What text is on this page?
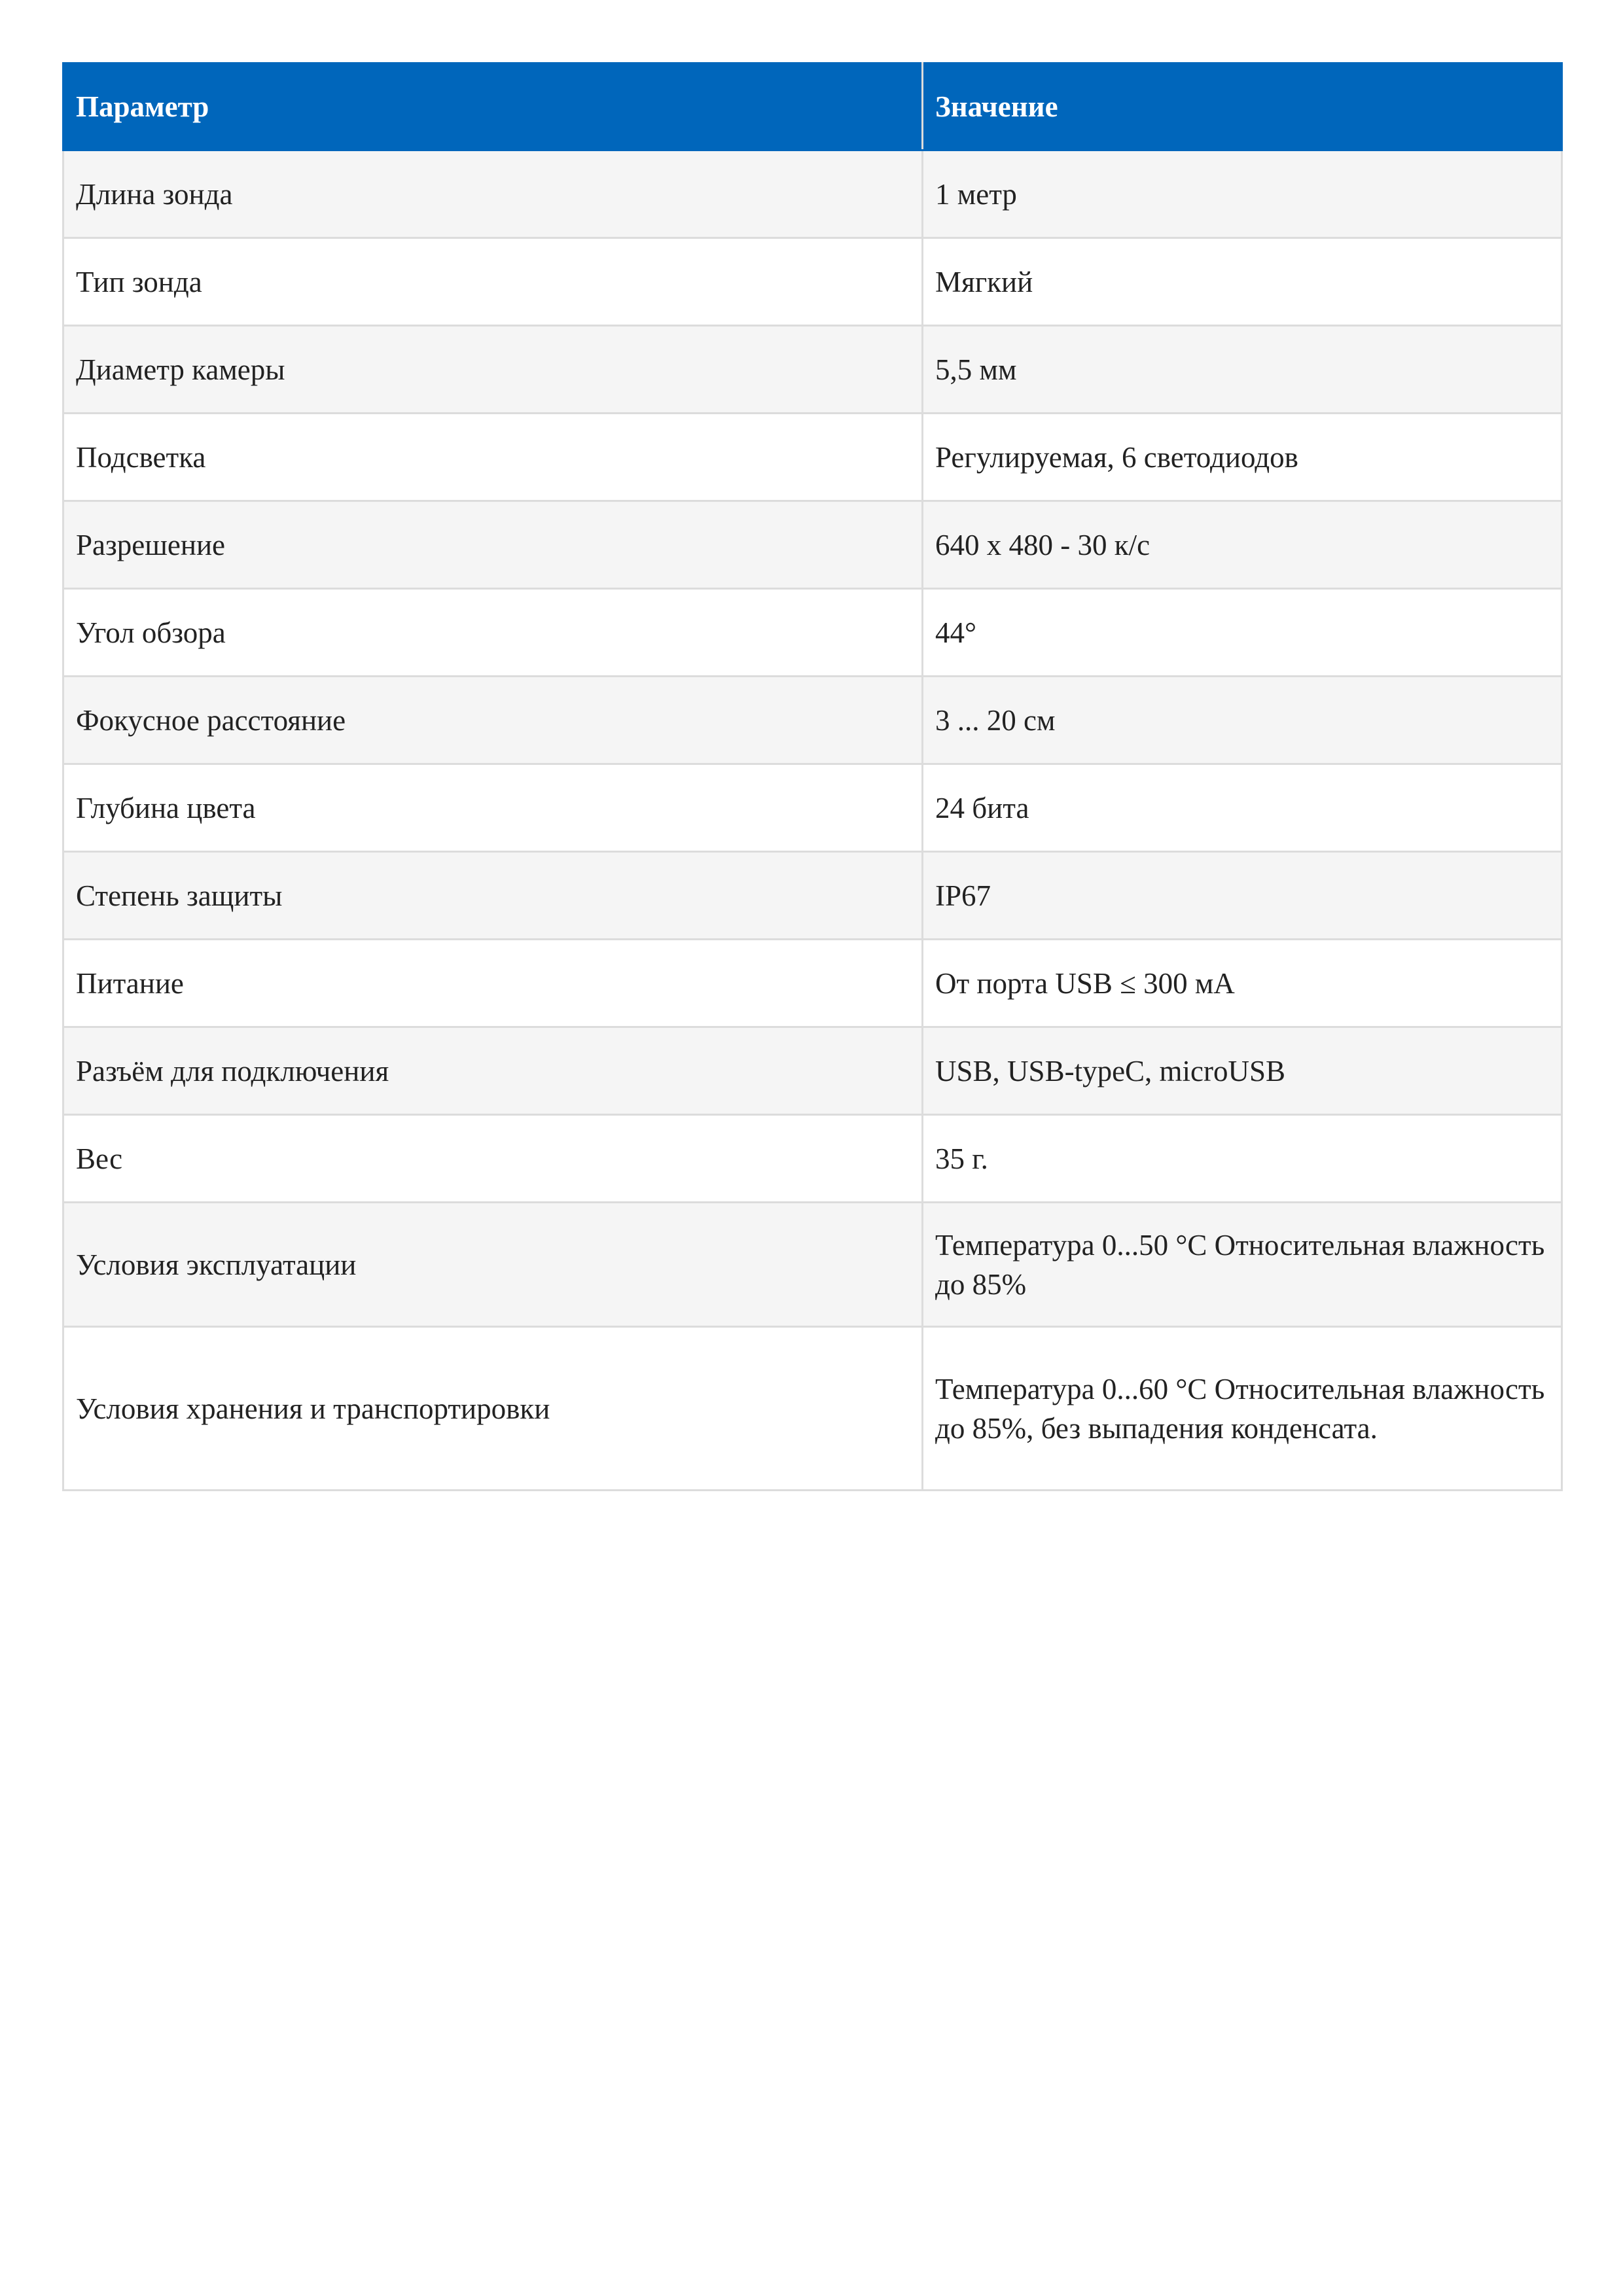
Параметр	Значение
Длина зонда	1 метр
Тип зонда	Мягкий
Диаметр камеры	5,5 мм
Подсветка	Регулируемая, 6 светодиодов
Разрешение	640 х 480 - 30 к/с
Угол обзора	44°
Фокусное расстояние	3 ... 20 см
Глубина цвета	24 бита
Степень защиты	IP67
Питание	От порта USB ≤ 300 мА
Разъём для подключения	USB, USB-typeC, microUSB
Вес	35 г.
Условия эксплуатации	Температура 0...50 °С Относительная влажность до 85%
Условия хранения и транспортировки	Температура 0...60 °С Относительная влажность до 85%, без выпадения конденсата.
